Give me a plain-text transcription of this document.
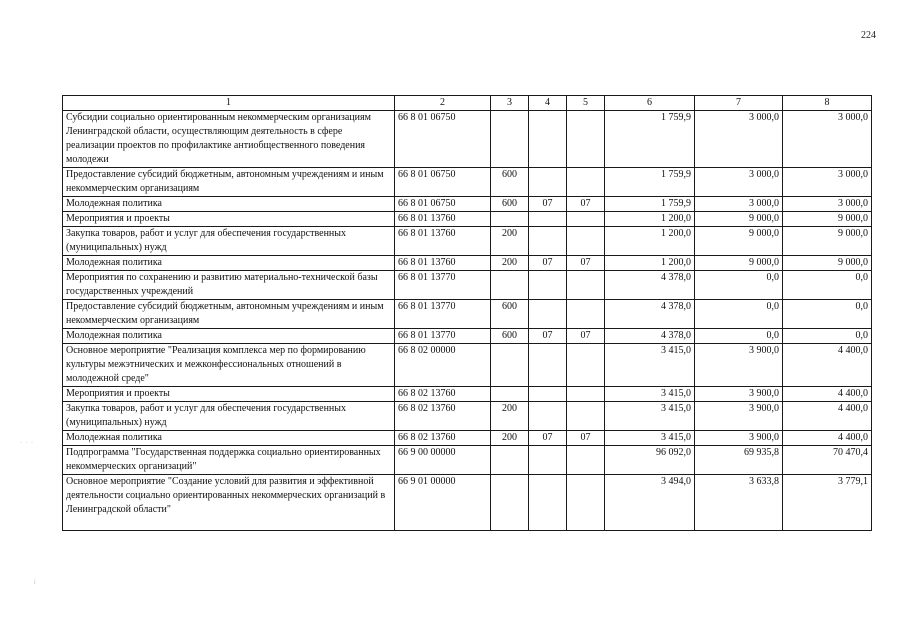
224
1	2	3	4	5	6	7	8
Субсидии социально ориентированным некоммерческим организациям Ленинградской области, осуществляющим деятельность в сфере реализации проектов по профилактике антиобщественного поведения молодежи	66 8 01 06750				1 759,9	3 000,0	3 000,0
Предоставление субсидий бюджетным, автономным учреждениям и иным некоммерческим организациям	66 8 01 06750	600			1 759,9	3 000,0	3 000,0
Молодежная политика	66 8 01 06750	600	07	07	1 759,9	3 000,0	3 000,0
Мероприятия и проекты	66 8 01 13760				1 200,0	9 000,0	9 000,0
Закупка товаров, работ и услуг для обеспечения государственных (муниципальных) нужд	66 8 01 13760	200			1 200,0	9 000,0	9 000,0
Молодежная политика	66 8 01 13760	200	07	07	1 200,0	9 000,0	9 000,0
Мероприятия по сохранению и развитию материально-технической базы государственных учреждений	66 8 01 13770				4 378,0	0,0	0,0
Предоставление субсидий бюджетным, автономным учреждениям и иным некоммерческим организациям	66 8 01 13770	600			4 378,0	0,0	0,0
Молодежная политика	66 8 01 13770	600	07	07	4 378,0	0,0	0,0
Основное мероприятие "Реализация комплекса мер по формированию культуры межэтнических и межконфессиональных отношений в молодежной среде"	66 8 02 00000				3 415,0	3 900,0	4 400,0
Мероприятия и проекты	66 8 02 13760				3 415,0	3 900,0	4 400,0
Закупка товаров, работ и услуг для обеспечения государственных (муниципальных) нужд	66 8 02 13760	200			3 415,0	3 900,0	4 400,0
Молодежная политика	66 8 02 13760	200	07	07	3 415,0	3 900,0	4 400,0
Подпрограмма "Государственная поддержка социально ориентированных некоммерческих организаций"	66 9 00 00000				96 092,0	69 935,8	70 470,4
Основное мероприятие "Создание условий для развития и эффективной деятельности социально ориентированных некоммерческих организаций в Ленинградской области"	66 9 01 00000				3 494,0	3 633,8	3 779,1
· · ·
⁞
